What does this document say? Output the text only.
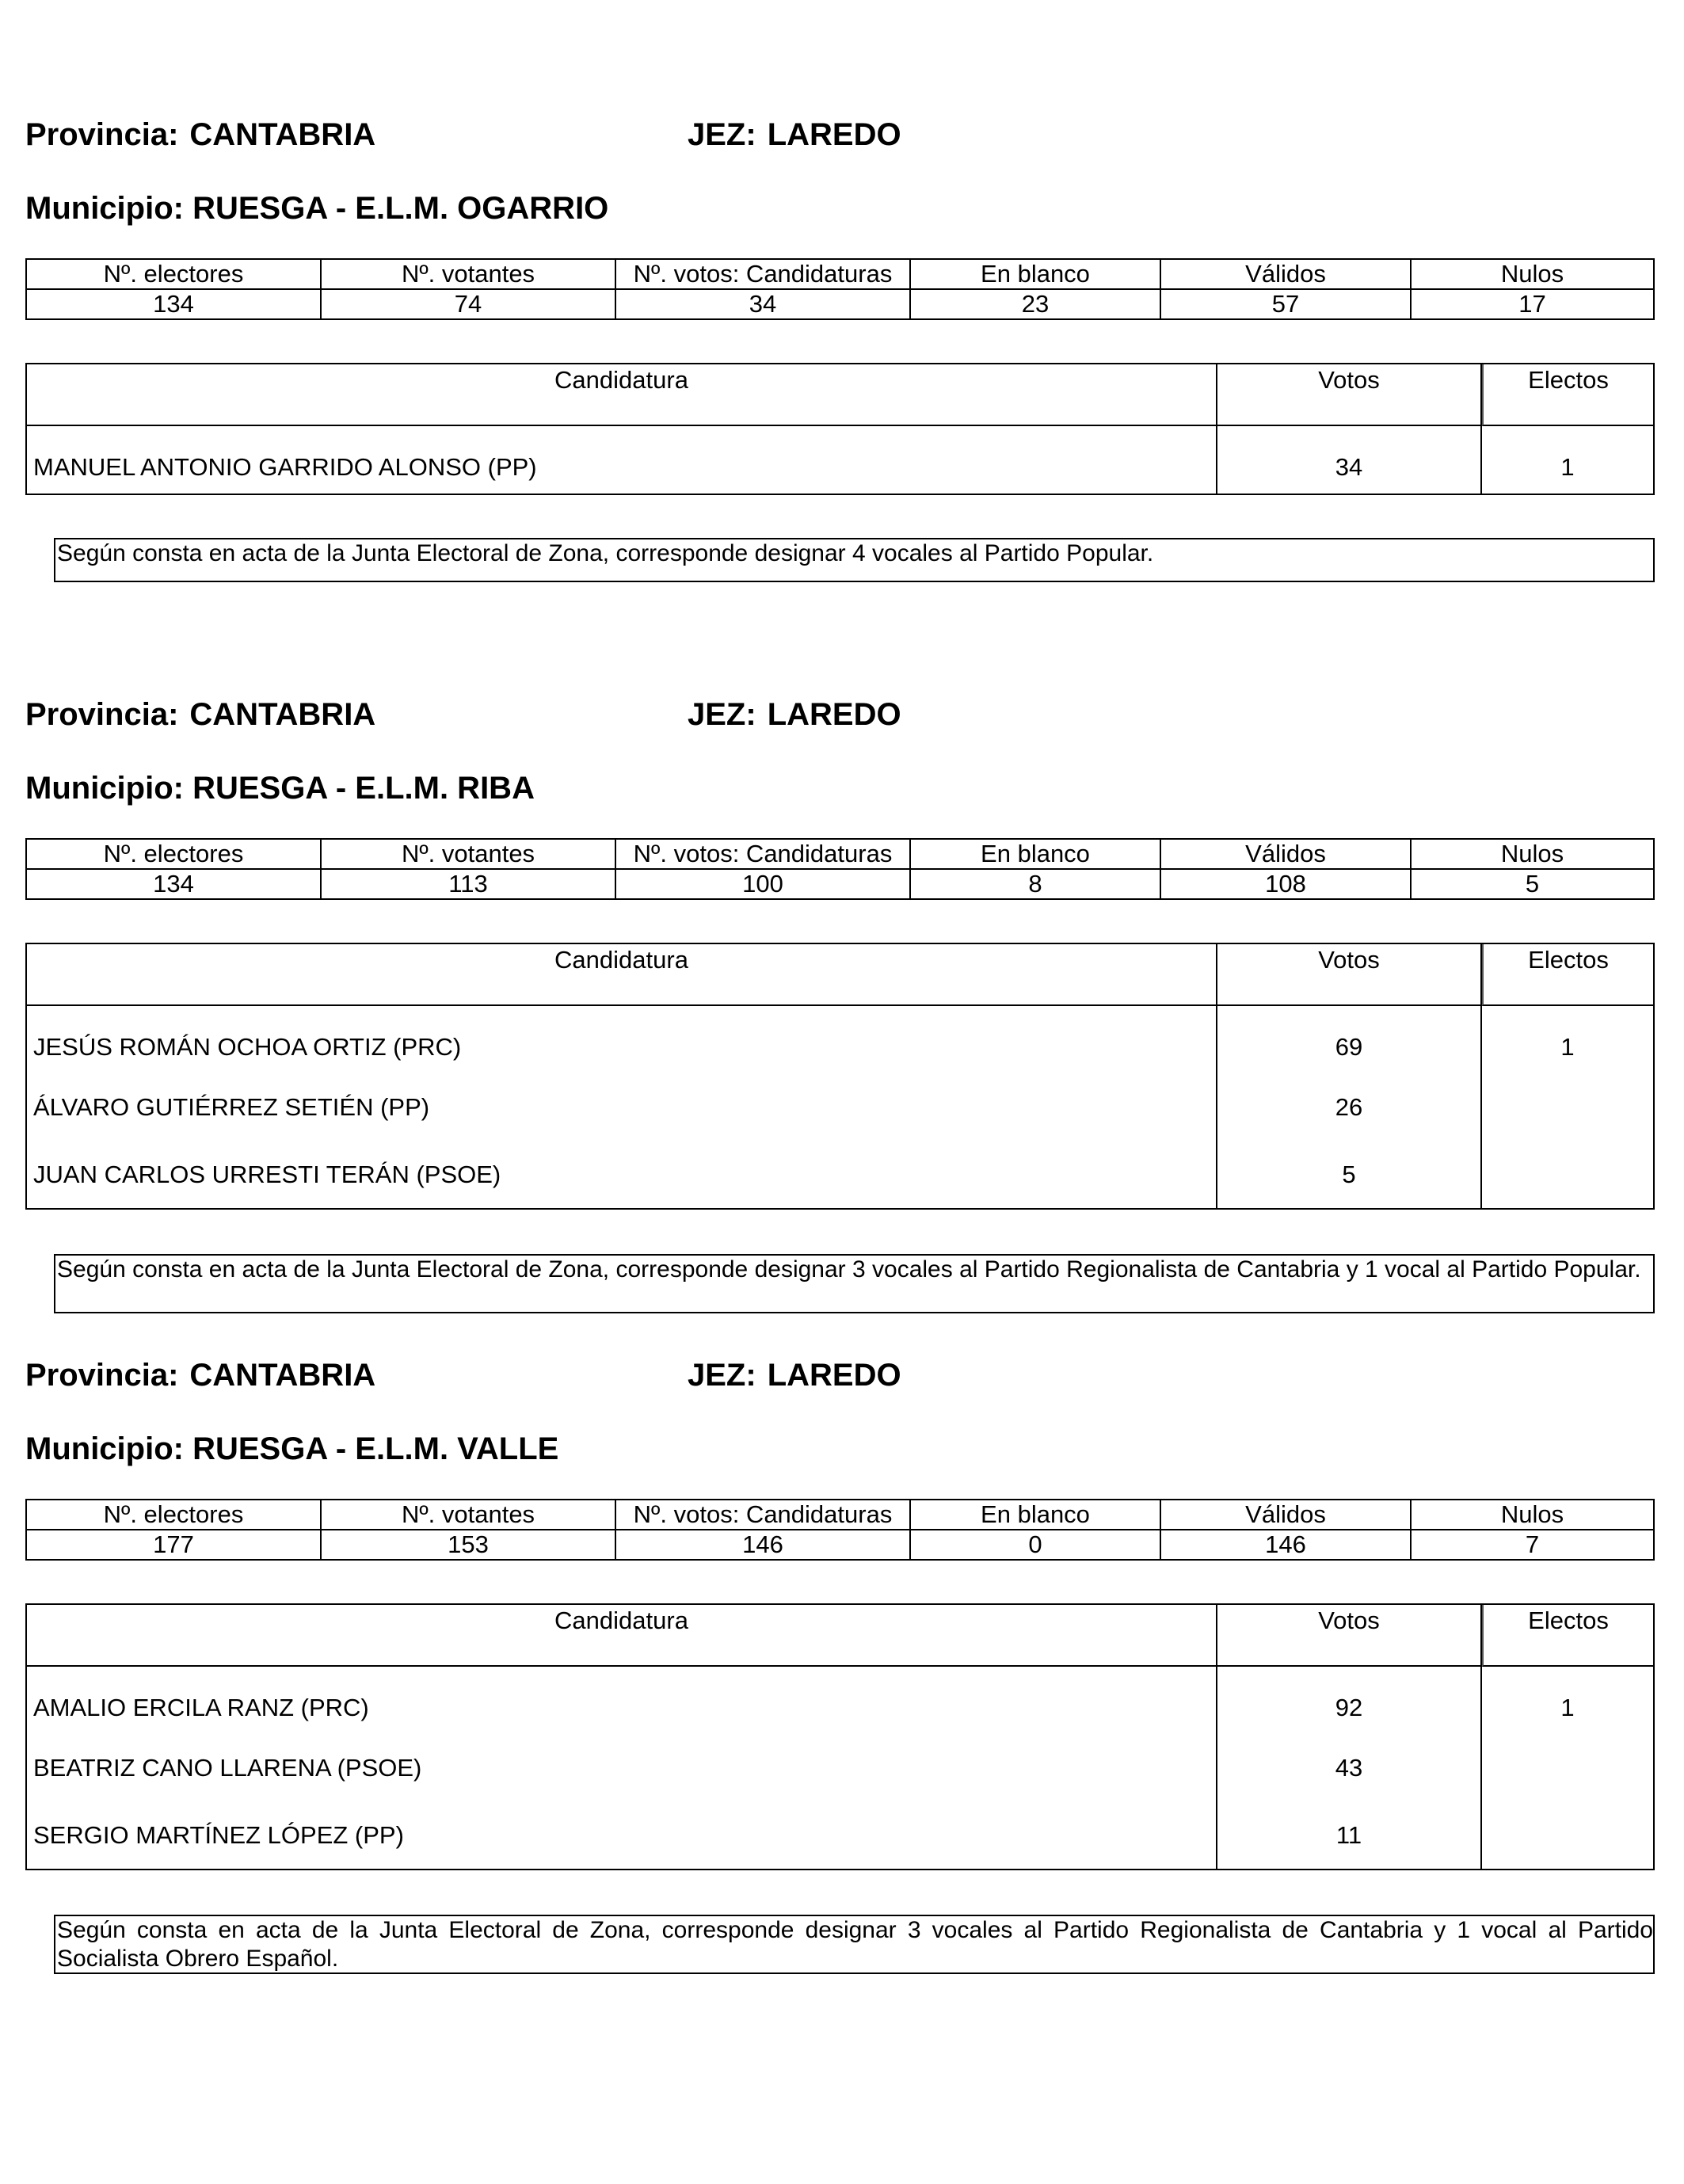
Provincia: CANTABRIA	JEZ: LAREDO
Municipio: RUESGA - E.L.M. OGARRIO
Nº. electores	Nº. votantes	Nº. votos: Candidaturas	En blanco	Válidos	Nulos
134	74	34	23	57	17
Candidatura	Votos	Electos
MANUEL ANTONIO GARRIDO ALONSO (PP)	34	1
Según consta en acta de la Junta Electoral de Zona, corresponde designar 4 vocales al Partido Popular.
Provincia: CANTABRIA	JEZ: LAREDO
Municipio: RUESGA - E.L.M. RIBA
Nº. electores	Nº. votantes	Nº. votos: Candidaturas	En blanco	Válidos	Nulos
134	113	100	8	108	5
Candidatura	Votos	Electos
JESÚS ROMÁN OCHOA ORTIZ (PRC)	69	1
ÁLVARO GUTIÉRREZ SETIÉN (PP)	26
JUAN CARLOS URRESTI TERÁN (PSOE)	5
Según consta en acta de la Junta Electoral de Zona, corresponde designar 3 vocales al Partido Regionalista de Cantabria y 1 vocal al Partido Popular.
Provincia: CANTABRIA	JEZ: LAREDO
Municipio: RUESGA - E.L.M. VALLE
Nº. electores	Nº. votantes	Nº. votos: Candidaturas	En blanco	Válidos	Nulos
177	153	146	0	146	7
Candidatura	Votos	Electos
AMALIO ERCILA RANZ (PRC)	92	1
BEATRIZ CANO LLARENA (PSOE)	43
SERGIO MARTÍNEZ LÓPEZ (PP)	11
Según consta en acta de la Junta Electoral de Zona, corresponde designar 3 vocales al Partido Regionalista de Cantabria y 1 vocal al Partido Socialista Obrero Español.
